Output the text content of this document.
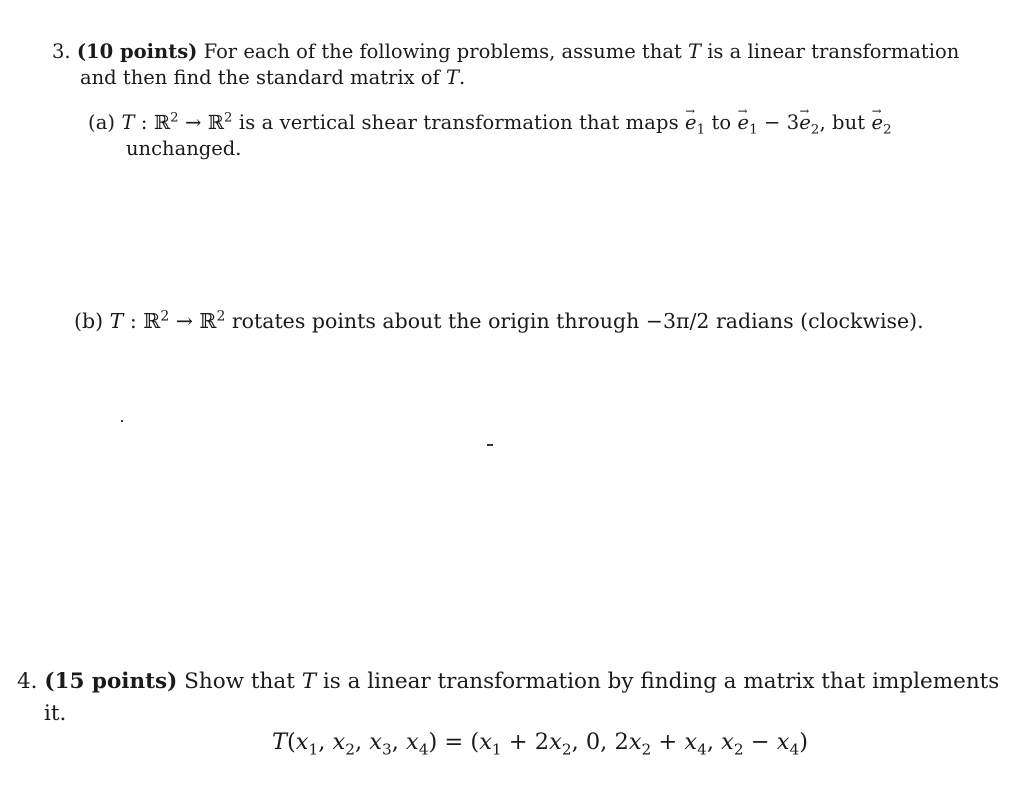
3. (10 points) For each of the following problems, assume that T is a linear transformation
and then find the standard matrix of T.
(a) T : ℝ$^2$ → ℝ$^2$ is a vertical shear transformation that maps → $e_1$ to → $e_1 - 3\to e_2$, but → $e_2$
unchanged.
(b) T : ℝ$^2$ → ℝ$^2$ rotates points about the origin through −3π/2 radians (clockwise).
4. (15 points) Show that T is a linear transformation by finding a matrix that implements
it.
$T(x_1$, $x_2$, $x_3$, $x_4) = (x_1 + 2x_2$, 0, $2x_2 + x_4$, $x_2 - x_4$)
